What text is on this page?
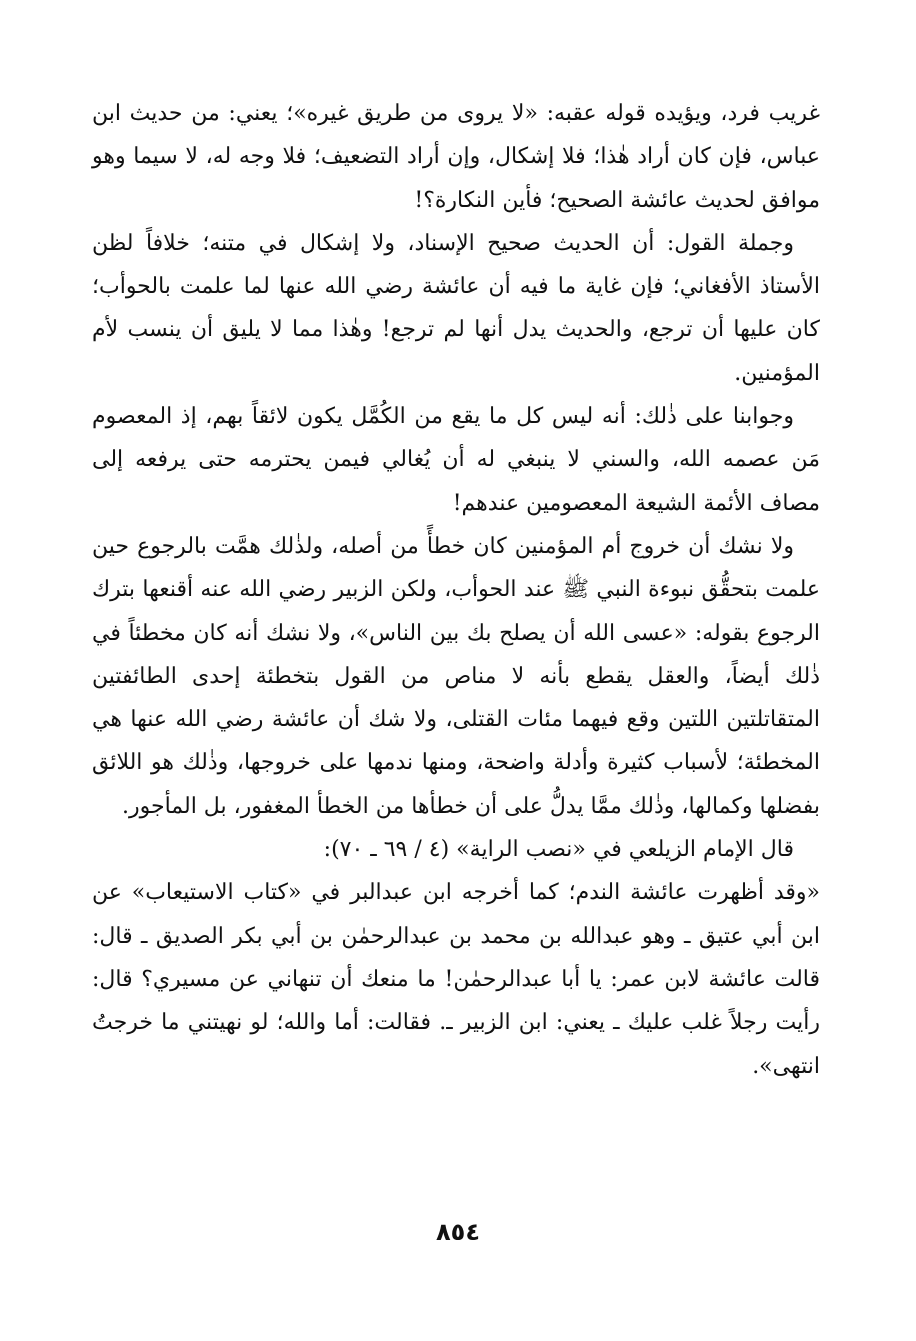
غريب فرد، ويؤيده قوله عقبه: «لا يروى من طريق غيره»؛ يعني: من حديث ابن عباس، فإن كان أراد هٰذا؛ فلا إشكال، وإن أراد التضعيف؛ فلا وجه له، لا سيما وهو موافق لحديث عائشة الصحيح؛ فأين النكارة؟!

وجملة القول: أن الحديث صحيح الإسناد، ولا إشكال في متنه؛ خلافاً لظن الأستاذ الأفغاني؛ فإن غاية ما فيه أن عائشة رضي الله عنها لما علمت بالحوأب؛ كان عليها أن ترجع، والحديث يدل أنها لم ترجع! وهٰذا مما لا يليق أن ينسب لأم المؤمنين.

وجوابنا على ذٰلك: أنه ليس كل ما يقع من الكُمَّل يكون لائقاً بهم، إذ المعصوم مَن عصمه الله، والسني لا ينبغي له أن يُغالي فيمن يحترمه حتى يرفعه إلى مصاف الأئمة الشيعة المعصومين عندهم!

ولا نشك أن خروج أم المؤمنين كان خطأً من أصله، ولذٰلك همَّت بالرجوع حين علمت بتحقُّق نبوءة النبي ﷺ عند الحوأب، ولكن الزبير رضي الله عنه أقنعها بترك الرجوع بقوله: «عسى الله أن يصلح بك بين الناس»، ولا نشك أنه كان مخطئاً في ذٰلك أيضاً، والعقل يقطع بأنه لا مناص من القول بتخطئة إحدى الطائفتين المتقاتلتين اللتين وقع فيهما مئات القتلى، ولا شك أن عائشة رضي الله عنها هي المخطئة؛ لأسباب كثيرة وأدلة واضحة، ومنها ندمها على خروجها، وذٰلك هو اللائق بفضلها وكمالها، وذٰلك ممَّا يدلُّ على أن خطأها من الخطأ المغفور، بل المأجور.

قال الإمام الزيلعي في «نصب الراية» (٤ / ٦٩ ـ ٧٠):

«وقد أظهرت عائشة الندم؛ كما أخرجه ابن عبدالبر في «كتاب الاستيعاب» عن ابن أبي عتيق ـ وهو عبدالله بن محمد بن عبدالرحمٰن بن أبي بكر الصديق ـ قال: قالت عائشة لابن عمر: يا أبا عبدالرحمٰن! ما منعك أن تنهاني عن مسيري؟ قال: رأيت رجلاً غلب عليك ـ يعني: ابن الزبير ـ. فقالت: أما والله؛ لو نهيتني ما خرجتُ انتهى».

٨٥٤
